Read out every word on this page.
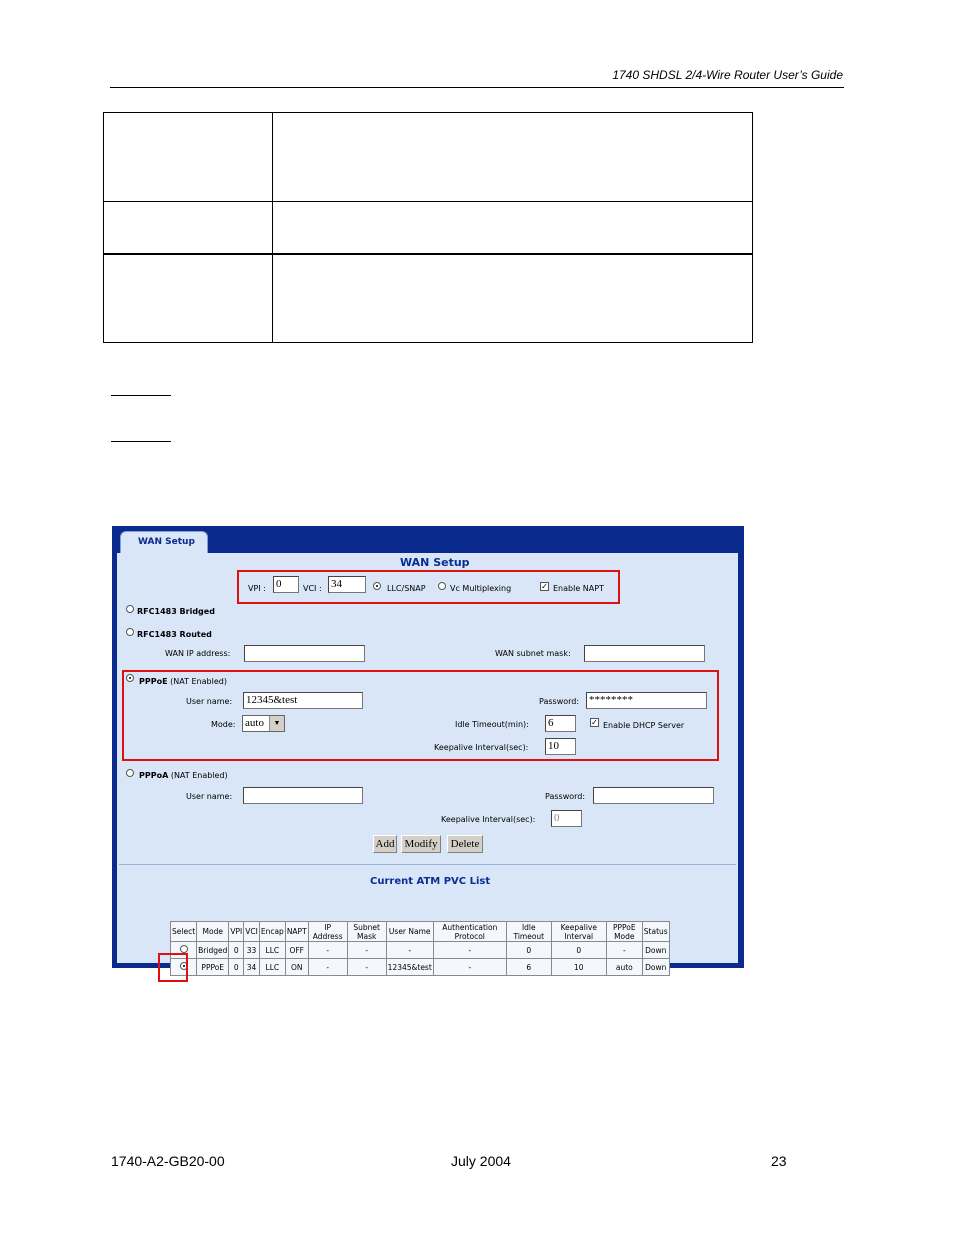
1740 SHDSL 2/4-Wire Router User’s Guide

WAN Setup
WAN Setup
VPI : 0	VCI : 34	LLC/SNAP	Vc Multiplexing	✓ Enable NAPT
RFC1483 Bridged
RFC1483 Routed
WAN IP address:	WAN subnet mask:
PPPoE (NAT Enabled)
User name: 12345&test	Password: ********
Mode: auto	▼	Idle Timeout(min): 6	✓ Enable DHCP Server
Keepalive Interval(sec): 10
PPPoA (NAT Enabled)
User name:	Password:
Keepalive Interval(sec): 0
Add Modify	Delete
Current ATM PVC List
Select	Mode	VPI	VCI	Encap	NAPT	IP Address	Subnet Mask	User Name	Authentication Protocol	Idle Timeout	Keepalive Interval	PPPoE Mode	Status
	Bridged	0	33	LLC	OFF	-	-	-	-	0	0	-	Down
	PPPoE	0	34	LLC	ON	-	-	12345&test	-	6	10	auto	Down
1740-A2-GB20-00	July 2004	23
